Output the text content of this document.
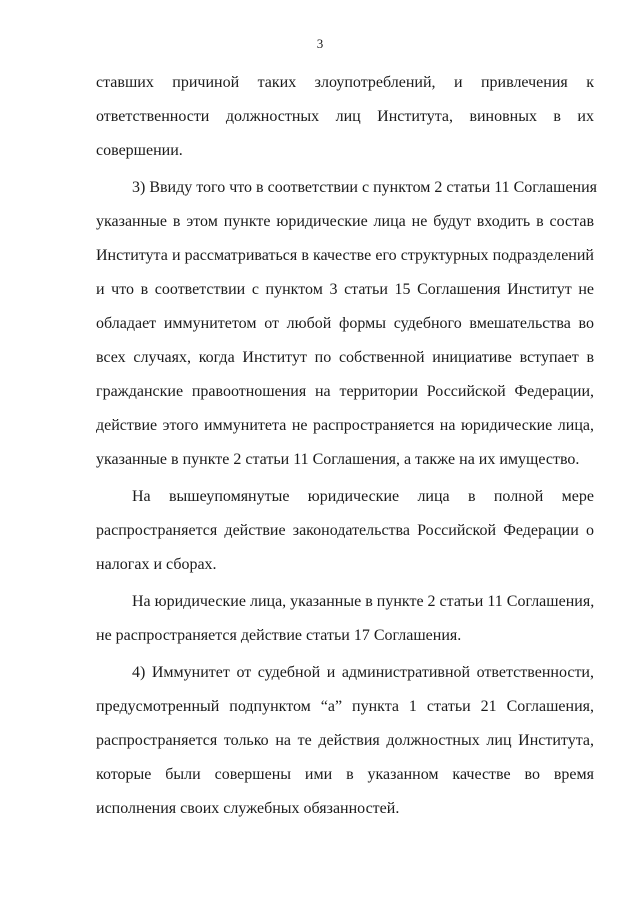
3
ставших причиной таких злоупотреблений, и привлечения к
ответственности должностных лиц Института, виновных в их
совершении.
3) Ввиду того что в соответствии с пунктом 2 статьи 11 Соглашения
указанные в этом пункте юридические лица не будут входить в состав
Института и рассматриваться в качестве его структурных подразделений
и что в соответствии с пунктом 3 статьи 15 Соглашения Институт не
обладает иммунитетом от любой формы судебного вмешательства во
всех случаях, когда Институт по собственной инициативе вступает в
гражданские правоотношения на территории Российской Федерации,
действие этого иммунитета не распространяется на юридические лица,
указанные в пункте 2 статьи 11 Соглашения, а также на их имущество.
На вышеупомянутые юридические лица в полной мере
распространяется действие законодательства Российской Федерации о
налогах и сборах.
На юридические лица, указанные в пункте 2 статьи 11 Соглашения,
не распространяется действие статьи 17 Соглашения.
4) Иммунитет от судебной и административной ответственности,
предусмотренный подпунктом “а” пункта 1 статьи 21 Соглашения,
распространяется только на те действия должностных лиц Института,
которые были совершены ими в указанном качестве во время
исполнения своих служебных обязанностей.
